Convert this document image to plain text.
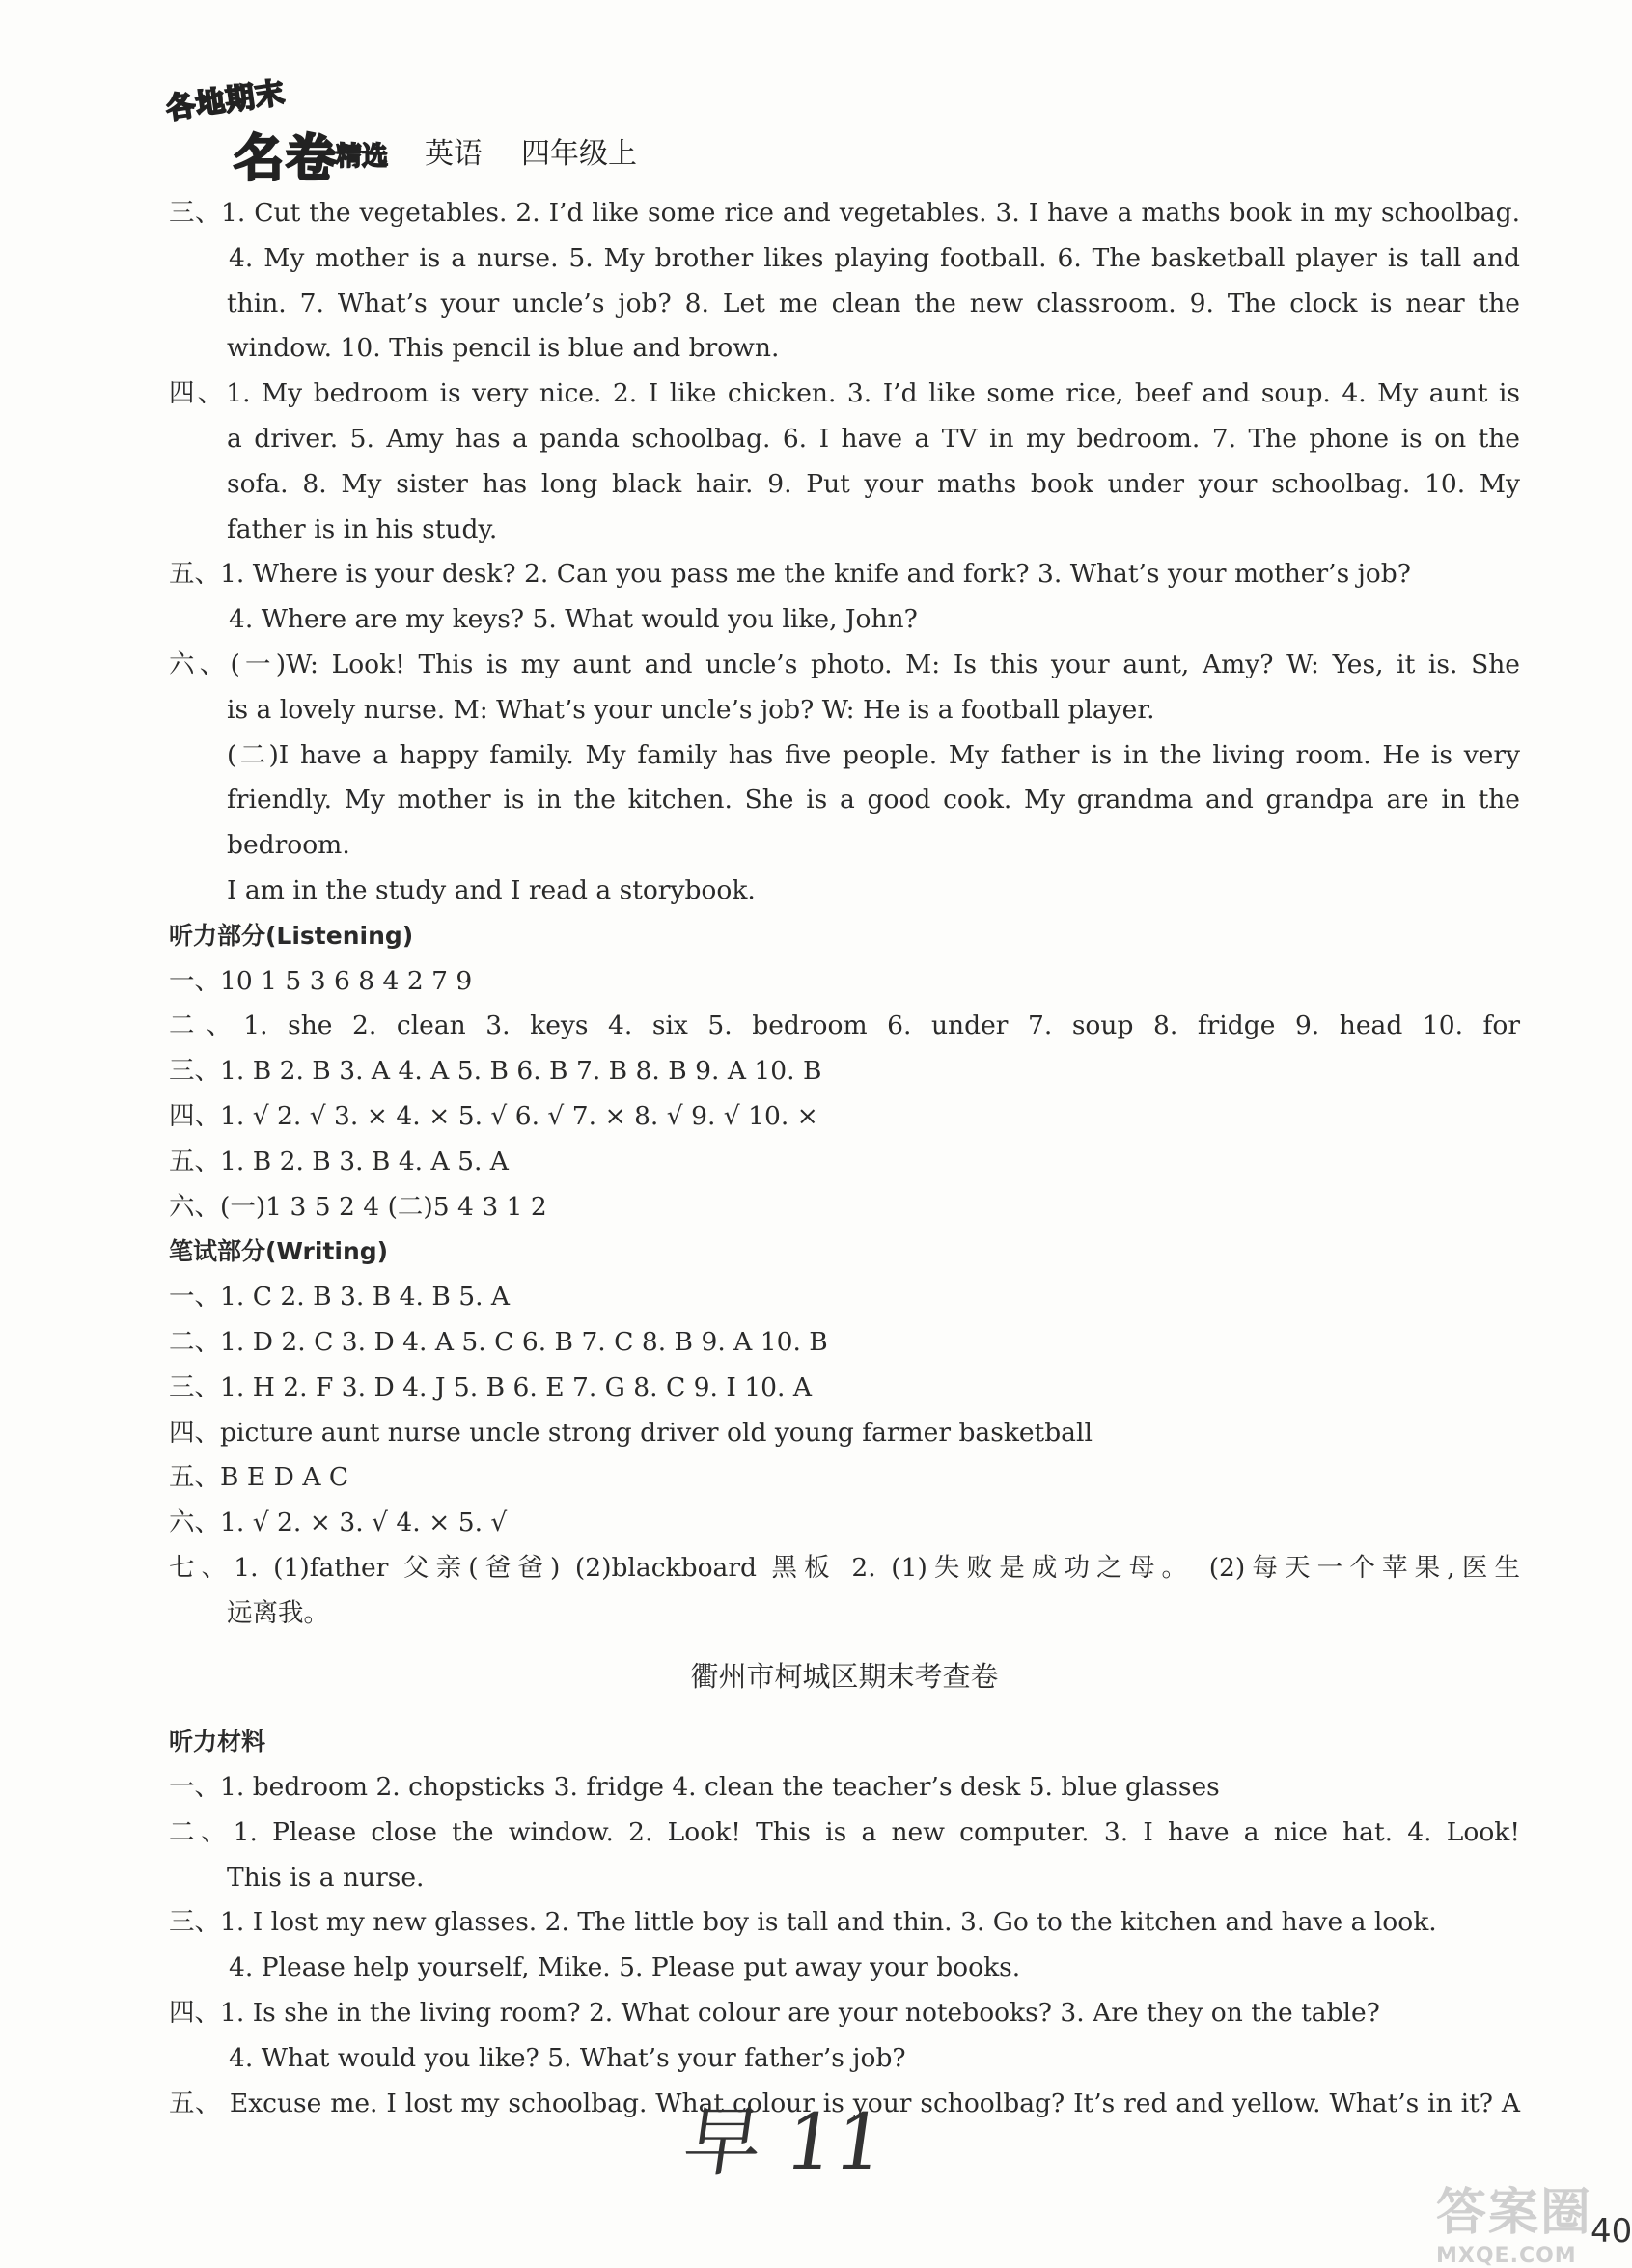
各地期末
名卷
精选 英语 四年级上
三、1. Cut the vegetables. 2. I’d like some rice and vegetables. 3. I have a maths book in my schoolbag.
4. My mother is a nurse. 5. My brother likes playing football. 6. The basketball player is tall and
thin. 7. What’s your uncle’s job? 8. Let me clean the new classroom. 9. The clock is near the
window. 10. This pencil is blue and brown.
四、1. My bedroom is very nice. 2. I like chicken. 3. I’d like some rice, beef and soup. 4. My aunt is
a driver. 5. Amy has a panda schoolbag. 6. I have a TV in my bedroom. 7. The phone is on the
sofa. 8. My sister has long black hair. 9. Put your maths book under your schoolbag. 10. My
father is in his study.
五、1. Where is your desk? 2. Can you pass me the knife and fork? 3. What’s your mother’s job?
4. Where are my keys? 5. What would you like, John?
六、(一)W: Look! This is my aunt and uncle’s photo. M: Is this your aunt, Amy? W: Yes, it is. She
is a lovely nurse. M: What’s your uncle’s job? W: He is a football player.
(二)I have a happy family. My family has five people. My father is in the living room. He is very
friendly. My mother is in the kitchen. She is a good cook. My grandma and grandpa are in the bedroom.
I am in the study and I read a storybook.
听力部分(Listening)
一、10 1 5 3 6 8 4 2 7 9
二、1. she 2. clean 3. keys 4. six 5. bedroom 6. under 7. soup 8. fridge 9. head 10. for
三、1. B 2. B 3. A 4. A 5. B 6. B 7. B 8. B 9. A 10. B
四、1. √ 2. √ 3. × 4. × 5. √ 6. √ 7. × 8. √ 9. √ 10. ×
五、1. B 2. B 3. B 4. A 5. A
六、(一)1 3 5 2 4 (二)5 4 3 1 2
笔试部分(Writing)
一、1. C 2. B 3. B 4. B 5. A
二、1. D 2. C 3. D 4. A 5. C 6. B 7. C 8. B 9. A 10. B
三、1. H 2. F 3. D 4. J 5. B 6. E 7. G 8. C 9. I 10. A
四、picture aunt nurse uncle strong driver old young farmer basketball
五、B E D A C
六、1. √ 2. × 3. √ 4. × 5. √
七、1. (1)father 父亲(爸爸) (2)blackboard 黑板 2. (1)失败是成功之母。 (2)每天一个苹果,医生
远离我。
衢州市柯城区期末考查卷
听力材料
一、1. bedroom 2. chopsticks 3. fridge 4. clean the teacher’s desk 5. blue glasses
二、1. Please close the window. 2. Look! This is a new computer. 3. I have a nice hat. 4. Look!
This is a nurse.
三、1. I lost my new glasses. 2. The little boy is tall and thin. 3. Go to the kitchen and have a look.
4. Please help yourself, Mike. 5. Please put away your books.
四、1. Is she in the living room? 2. What colour are your notebooks? 3. Are they on the table?
4. What would you like? 5. What’s your father’s job?
五、 Excuse me. I lost my schoolbag. What colour is your schoolbag? It’s red and yellow. What’s in it? A
早 11
答案圈
MXQE.COM
40
